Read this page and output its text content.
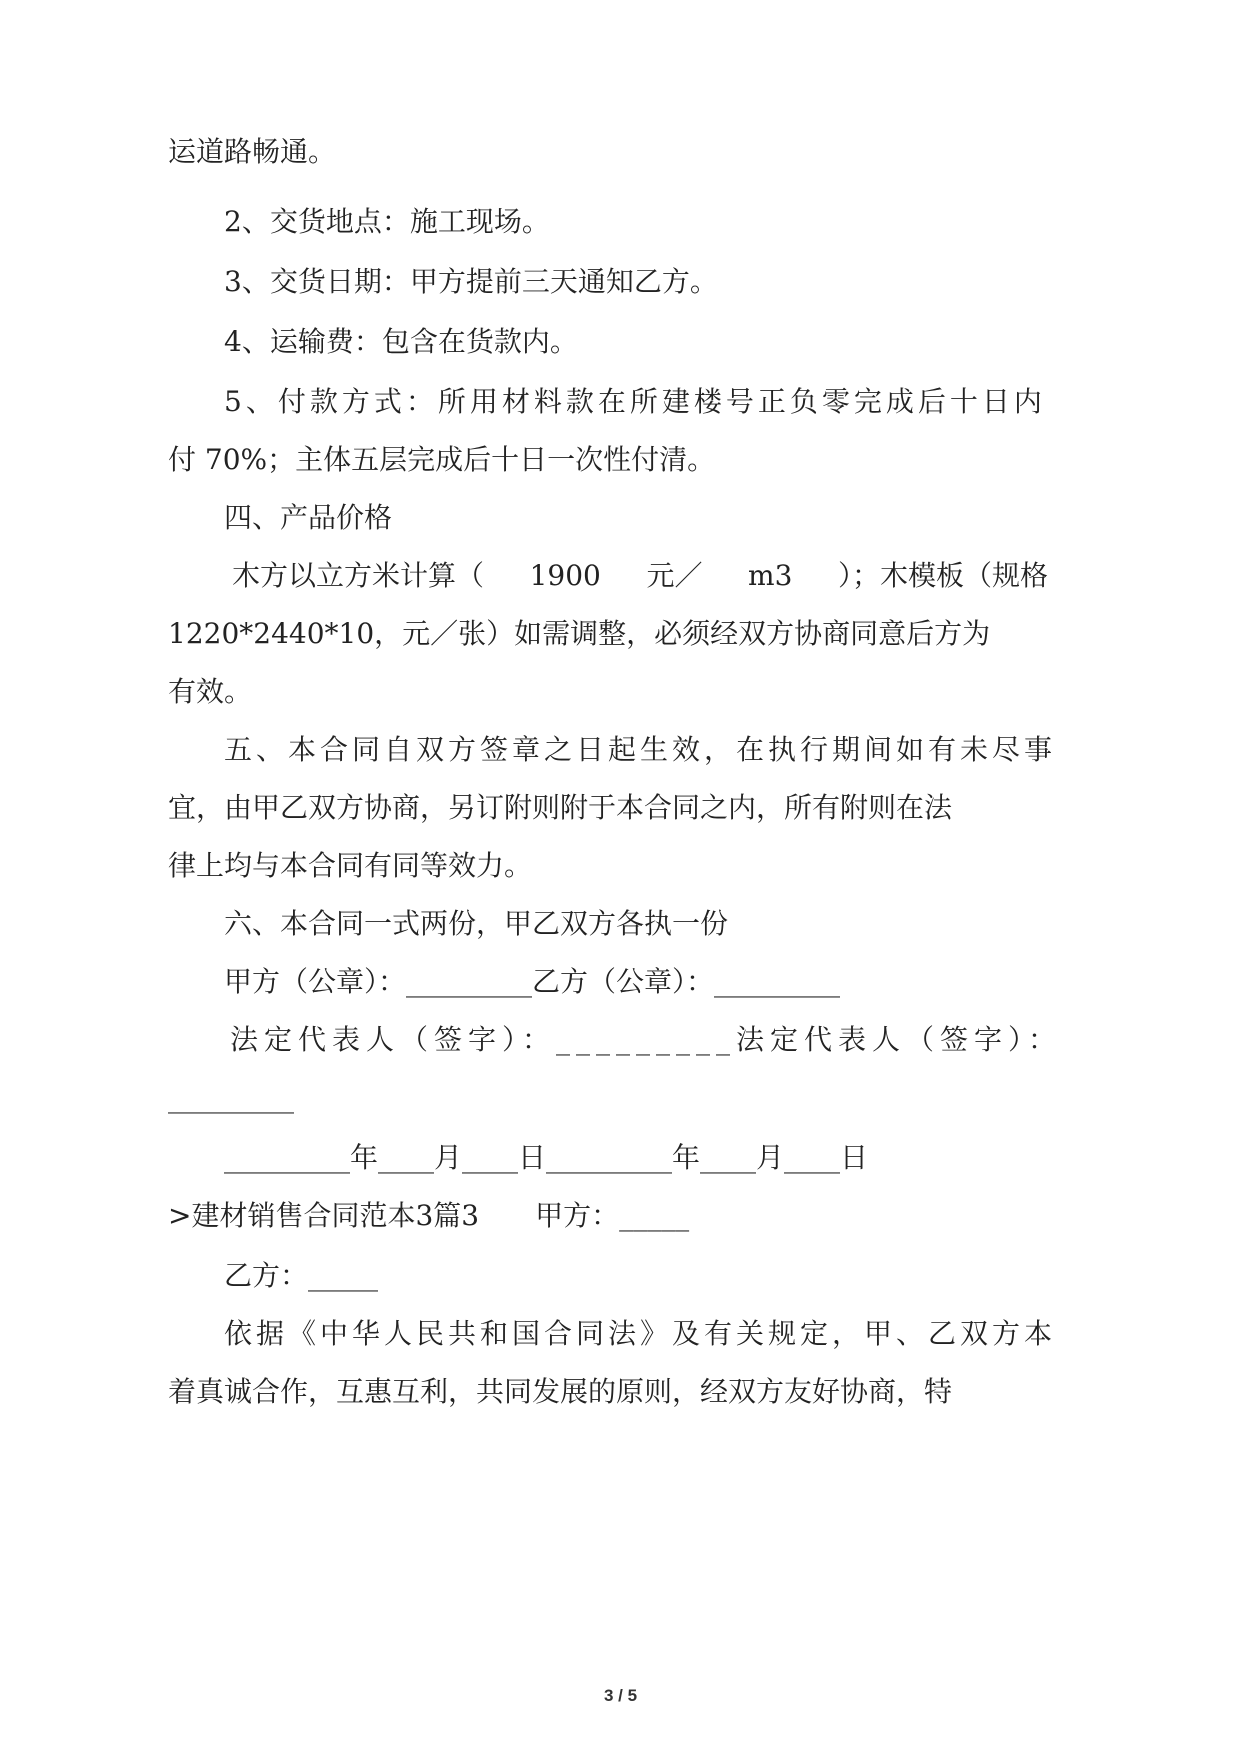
运道路畅通。
2、交货地点：施工现场。
3、交货日期：甲方提前三天通知乙方。
4、运输费：包含在货款内。
5、付款方式：所用材料款在所建楼号正负零完成后十日内
付 70%；主体五层完成后十日一次性付清。
四、产品价格
木方以立方米计算（ 1900 元／ m3 ）；木模板（规格
1220*2440*10，元／张）如需调整，必须经双方协商同意后方为
有效。
五、本合同自双方签章之日起生效，在执行期间如有未尽事
宜，由甲乙双方协商，另订附则附于本合同之内，所有附则在法
律上均与本合同有同等效力。
六、本合同一式两份，甲乙双方各执一份
甲方（公章）：_________乙方（公章）：_________
法定代表人（签字）：_________法定代表人（签字）：
_________
_________年____月____日_________年____月____日
>建材销售合同范本3篇3　　甲方：_____
乙方：_____
依据《中华人民共和国合同法》及有关规定，甲、乙双方本
着真诚合作，互惠互利，共同发展的原则，经双方友好协商，特
3 / 5
